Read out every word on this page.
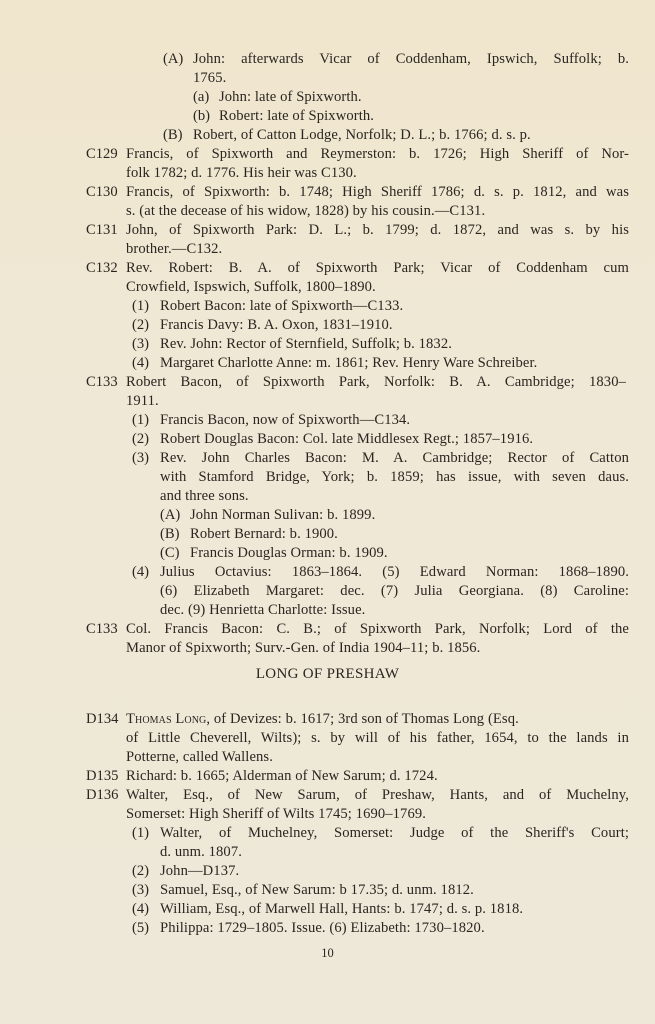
(A) John: afterwards Vicar of Coddenham, Ipswich, Suffolk; b.
1765.
(a) John: late of Spixworth.
(b) Robert: late of Spixworth.
(B) Robert, of Catton Lodge, Norfolk; D. L.; b. 1766; d. s. p.
C129 Francis, of Spixworth and Reymerston: b. 1726; High Sheriff of Nor-
folk 1782; d. 1776. His heir was C130.
C130 Francis, of Spixworth: b. 1748; High Sheriff 1786; d. s. p. 1812, and was
s. (at the decease of his widow, 1828) by his cousin.—C131.
C131 John, of Spixworth Park: D. L.; b. 1799; d. 1872, and was s. by his
brother.—C132.
C132 Rev. Robert: B. A. of Spixworth Park; Vicar of Coddenham cum
Crowfield, Ispswich, Suffolk, 1800–1890.
(1) Robert Bacon: late of Spixworth—C133.
(2) Francis Davy: B. A. Oxon, 1831–1910.
(3) Rev. John: Rector of Sternfield, Suffolk; b. 1832.
(4) Margaret Charlotte Anne: m. 1861; Rev. Henry Ware Schreiber.
C133 Robert Bacon, of Spixworth Park, Norfolk: B. A. Cambridge; 1830–
1911.
(1) Francis Bacon, now of Spixworth—C134.
(2) Robert Douglas Bacon: Col. late Middlesex Regt.; 1857–1916.
(3) Rev. John Charles Bacon: M. A. Cambridge; Rector of Catton
with Stamford Bridge, York; b. 1859; has issue, with seven daus.
and three sons.
(A) John Norman Sulivan: b. 1899.
(B) Robert Bernard: b. 1900.
(C) Francis Douglas Orman: b. 1909.
(4) Julius Octavius: 1863–1864. (5) Edward Norman: 1868–1890.
(6) Elizabeth Margaret: dec. (7) Julia Georgiana. (8) Caroline:
dec. (9) Henrietta Charlotte: Issue.
C133 Col. Francis Bacon: C. B.; of Spixworth Park, Norfolk; Lord of the
Manor of Spixworth; Surv.-Gen. of India 1904–11; b. 1856.
LONG OF PRESHAW
D134 Thomas Long, of Devizes: b. 1617; 3rd son of Thomas Long (Esq.
of Little Cheverell, Wilts); s. by will of his father, 1654, to the lands in
Potterne, called Wallens.
D135 Richard: b. 1665; Alderman of New Sarum; d. 1724.
D136 Walter, Esq., of New Sarum, of Preshaw, Hants, and of Muchelny,
Somerset: High Sheriff of Wilts 1745; 1690–1769.
(1) Walter, of Muchelney, Somerset: Judge of the Sheriff's Court;
d. unm. 1807.
(2) John—D137.
(3) Samuel, Esq., of New Sarum: b 17.35; d. unm. 1812.
(4) William, Esq., of Marwell Hall, Hants: b. 1747; d. s. p. 1818.
(5) Philippa: 1729–1805. Issue. (6) Elizabeth: 1730–1820.
10
